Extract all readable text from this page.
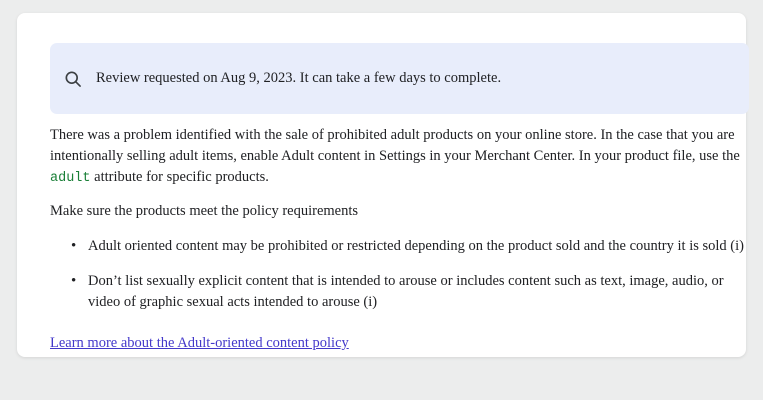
Review requested on Aug 9, 2023. It can take a few days to complete.

There was a problem identified with the sale of prohibited adult products on your online store. In the case that you are intentionally selling adult items, enable Adult content in Settings in your Merchant Center. In your product file, use the adult attribute for specific products.

Make sure the products meet the policy requirements

• Adult oriented content may be prohibited or restricted depending on the product sold and the country it is sold (i)
• Don’t list sexually explicit content that is intended to arouse or includes content such as text, image, audio, or video of graphic sexual acts intended to arouse (i)
Learn more about the Adult-oriented content policy
